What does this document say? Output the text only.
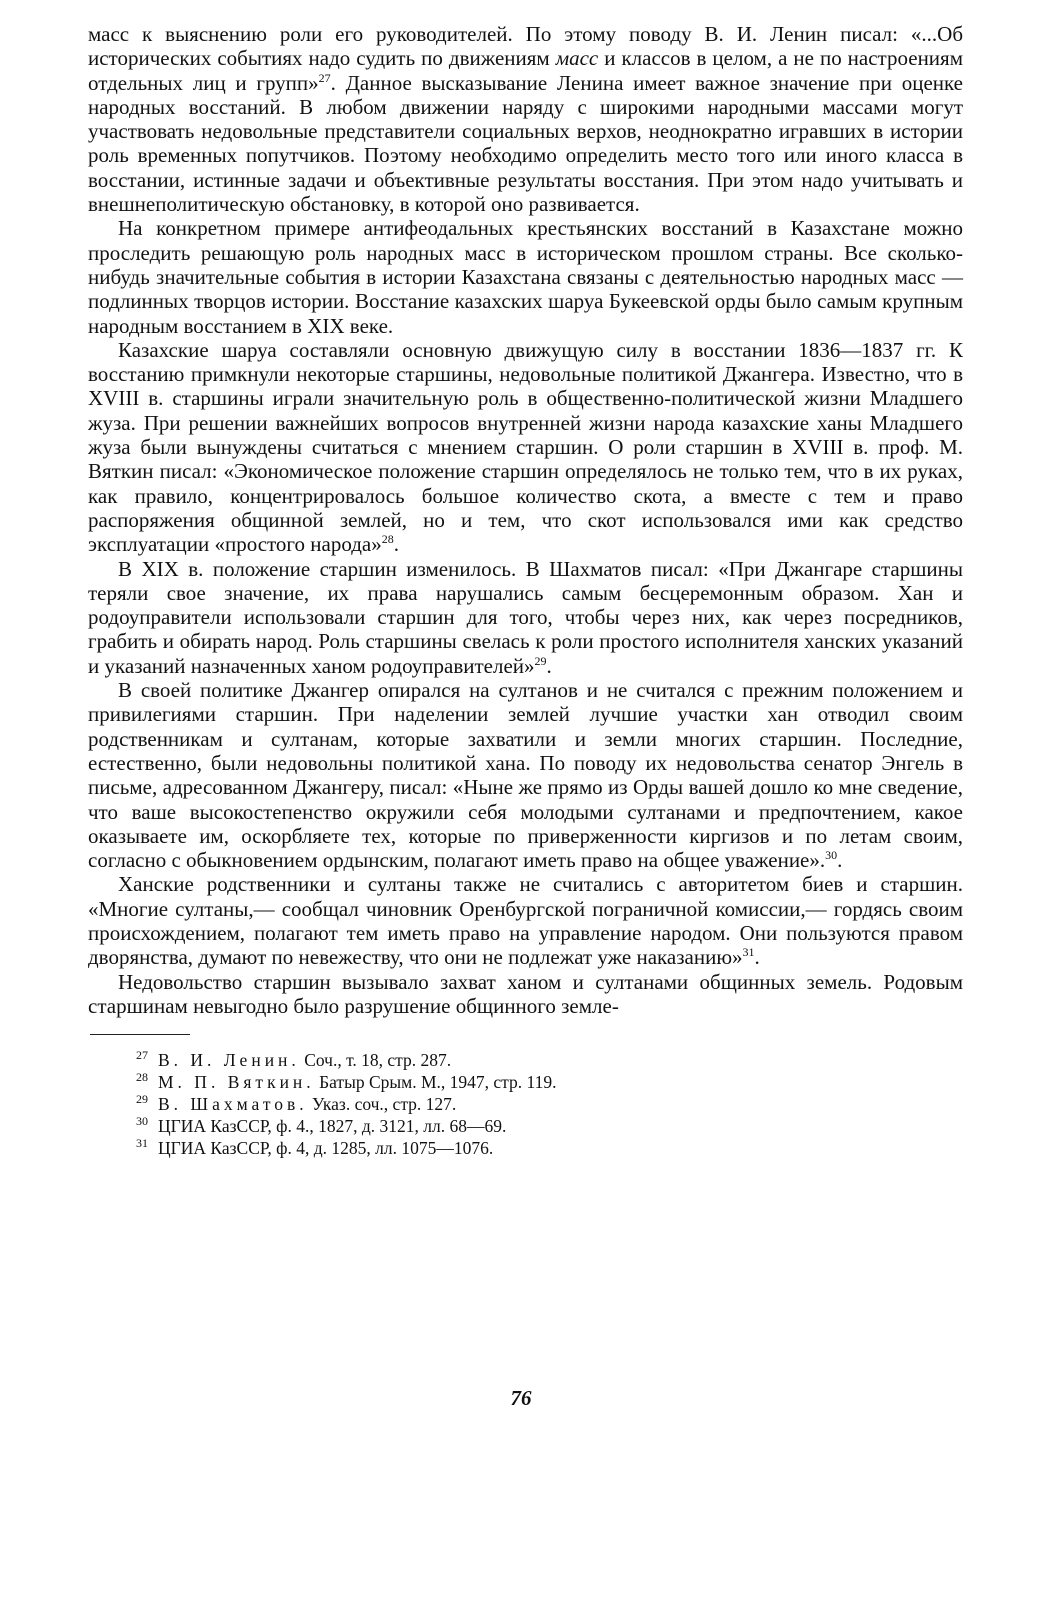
масс к выяснению роли его руководителей. По этому поводу В. И. Ленин писал: «...Об исторических событиях надо судить по движениям масс и классов в целом, а не по настроениям отдельных лиц и групп»$^{27}$. Данное высказывание Ленина имеет важное значение при оценке народных восстаний. В любом движении наряду с широкими народными массами могут участвовать недовольные представители социальных верхов, неоднократно игравших в истории роль временных попутчиков. Поэтому необходимо определить место того или иного класса в восстании, истинные задачи и объективные результаты восстания. При этом надо учитывать и внешнеполитическую обстановку, в которой оно развивается.

На конкретном примере антифеодальных крестьянских восстаний в Казахстане можно проследить решающую роль народных масс в историческом прошлом страны. Все сколько-нибудь значительные события в истории Казахстана связаны с деятельностью народных масс — подлинных творцов истории. Восстание казахских шаруа Букеевской орды было самым крупным народным восстанием в XIX веке.

Казахские шаруа составляли основную движущую силу в восстании 1836—1837 гг. К восстанию примкнули некоторые старшины, недовольные политикой Джангера. Известно, что в XVIII в. старшины играли значительную роль в общественно-политической жизни Младшего жуза. При решении важнейших вопросов внутренней жизни народа казахские ханы Младшего жуза были вынуждены считаться с мнением старшин. О роли старшин в XVIII в. проф. М. Вяткин писал: «Экономическое положение старшин определялось не только тем, что в их руках, как правило, концентрировалось большое количество скота, а вместе с тем и право распоряжения общинной землей, но и тем, что скот использовался ими как средство эксплуатации «простого народа»$^{28}$.

В XIX в. положение старшин изменилось. В Шахматов писал: «При Джангаре старшины теряли свое значение, их права нарушались самым бесцеремонным образом. Хан и родоуправители использовали старшин для того, чтобы через них, как через посредников, грабить и обирать народ. Роль старшины свелась к роли простого исполнителя ханских указаний и указаний назначенных ханом родоуправителей»$^{29}$.

В своей политике Джангер опирался на султанов и не считался с прежним положением и привилегиями старшин. При наделении землей лучшие участки хан отводил своим родственникам и султанам, которые захватили и земли многих старшин. Последние, естественно, были недовольны политикой хана. По поводу их недовольства сенатор Энгель в письме, адресованном Джангеру, писал: «Ныне же прямо из Орды вашей дошло ко мне сведение, что ваше высокостепенство окружили себя молодыми султанами и предпочтением, какое оказываете им, оскорбляете тех, которые по приверженности киргизов и по летам своим, согласно с обыкновением ордынским, полагают иметь право на общее уважение».$^{30}$.

Ханские родственники и султаны также не считались с авторитетом биев и старшин. «Многие султаны,— сообщал чиновник Оренбургской пограничной комиссии,— гордясь своим происхождением, полагают тем иметь право на управление народом. Они пользуются правом дворянства, думают по невежеству, что они не подлежат уже наказанию»$^{31}$.

Недовольство старшин вызывало захват ханом и султанами общинных земель. Родовым старшинам невыгодно было разрушение общинного земле-

27 В. И. Ленин. Соч., т. 18, стр. 287.
28 М. П. Вяткин. Батыр Срым. М., 1947, стр. 119.
29 В. Шахматов. Указ. соч., стр. 127.
30 ЦГИА КазССР, ф. 4., 1827, д. 3121, лл. 68—69.
31 ЦГИА КазССР, ф. 4, д. 1285, лл. 1075—1076.
76
